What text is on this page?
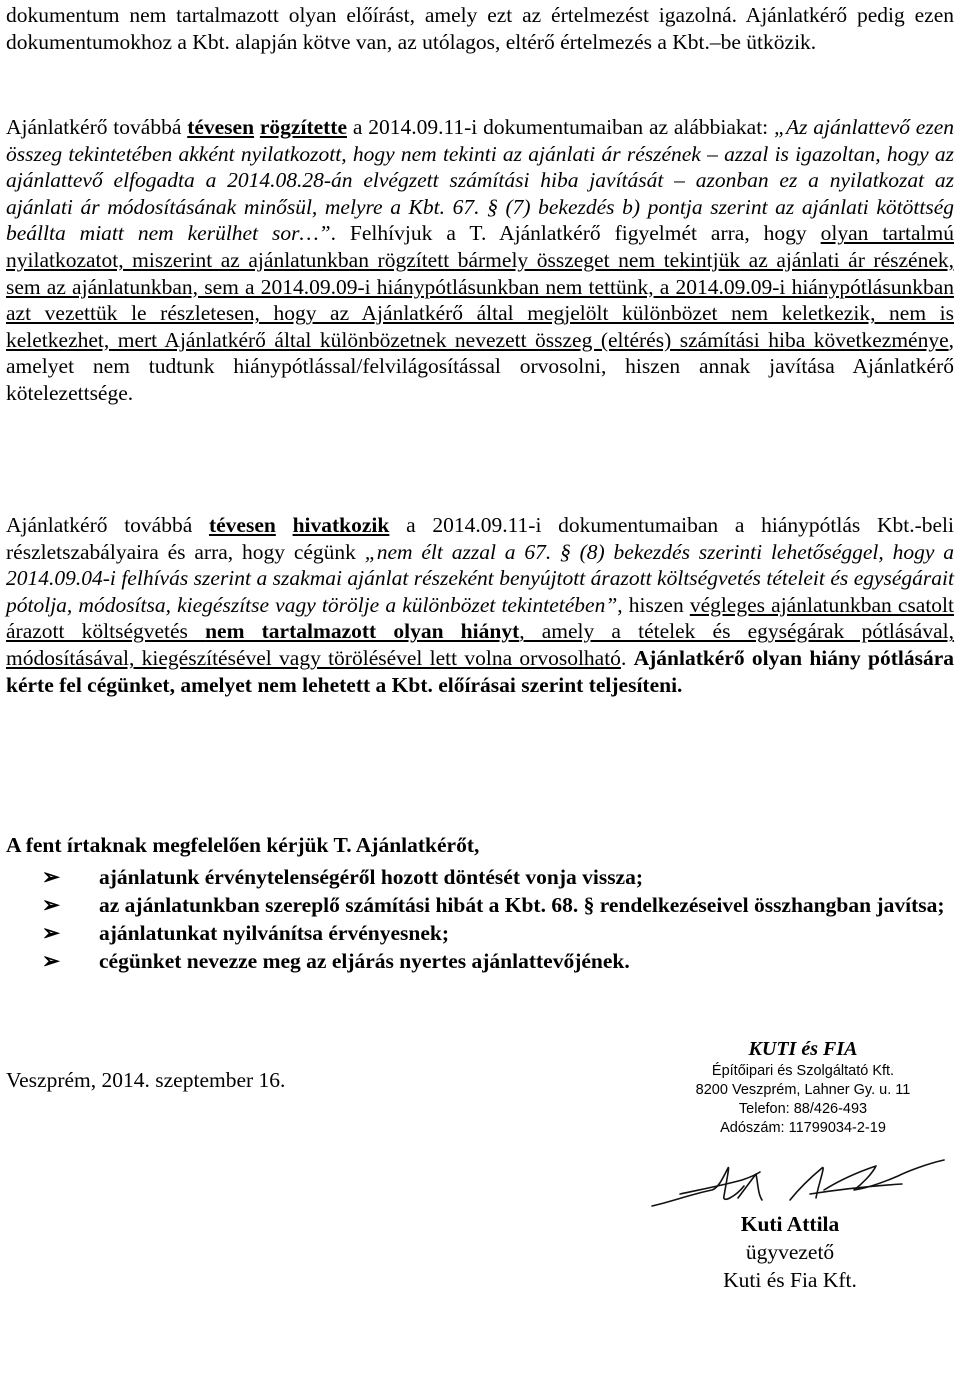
dokumentum nem tartalmazott olyan előírást, amely ezt az értelmezést igazolná. Ajánlatkérő pedig ezen dokumentumokhoz a Kbt. alapján kötve van, az utólagos, eltérő értelmezés a Kbt.–be ütközik.

Ajánlatkérő továbbá tévesen rögzítette a 2014.09.11-i dokumentumaiban az alábbiakat: „Az ajánlattevő ezen összeg tekintetében akként nyilatkozott, hogy nem tekinti az ajánlati ár részének – azzal is igazoltan, hogy az ajánlattevő elfogadta a 2014.08.28-án elvégzett számítási hiba javítását – azonban ez a nyilatkozat az ajánlati ár módosításának minősül, melyre a Kbt. 67. § (7) bekezdés b) pontja szerint az ajánlati kötöttség beállta miatt nem kerülhet sor…”. Felhívjuk a T. Ajánlatkérő figyelmét arra, hogy olyan tartalmú nyilatkozatot, miszerint az ajánlatunkban rögzített bármely összeget nem tekintjük az ajánlati ár részének, sem az ajánlatunkban, sem a 2014.09.09-i hiánypótlásunkban nem tettünk, a 2014.09.09-i hiánypótlásunkban azt vezettük le részletesen, hogy az Ajánlatkérő által megjelölt különbözet nem keletkezik, nem is keletkezhet, mert Ajánlatkérő által különbözetnek nevezett összeg (eltérés) számítási hiba következménye, amelyet nem tudtunk hiánypótlással/felvilágosítással orvosolni, hiszen annak javítása Ajánlatkérő kötelezettsége.

Ajánlatkérő továbbá tévesen hivatkozik a 2014.09.11-i dokumentumaiban a hiánypótlás Kbt.-beli részletszabályaira és arra, hogy cégünk „nem élt azzal a 67. § (8) bekezdés szerinti lehetőséggel, hogy a 2014.09.04-i felhívás szerint a szakmai ajánlat részeként benyújtott árazott költségvetés tételeit és egységárait pótolja, módosítsa, kiegészítse vagy törölje a különbözet tekintetében”, hiszen végleges ajánlatunkban csatolt árazott költségvetés nem tartalmazott olyan hiányt, amely a tételek és egységárak pótlásával, módosításával, kiegészítésével vagy törölésével lett volna orvosolható. Ajánlatkérő olyan hiány pótlására kérte fel cégünket, amelyet nem lehetett a Kbt. előírásai szerint teljesíteni.

A fent írtaknak megfelelően kérjük T. Ajánlatkérőt,

➢ ajánlatunk érvénytelenségéről hozott döntését vonja vissza;
➢ az ajánlatunkban szereplő számítási hibát a Kbt. 68. § rendelkezéseivel összhangban javítsa;
➢ ajánlatunkat nyilvánítsa érvényesnek;
➢ cégünket nevezze meg az eljárás nyertes ajánlattevőjének.
Veszprém, 2014. szeptember 16.
KUTI és FIA
Építőipari és Szolgáltató Kft.
8200 Veszprém, Lahner Gy. u. 11
Telefon: 88/426-493
Adószám: 11799034-2-19
Kuti Attila
ügyvezető
Kuti és Fia Kft.
